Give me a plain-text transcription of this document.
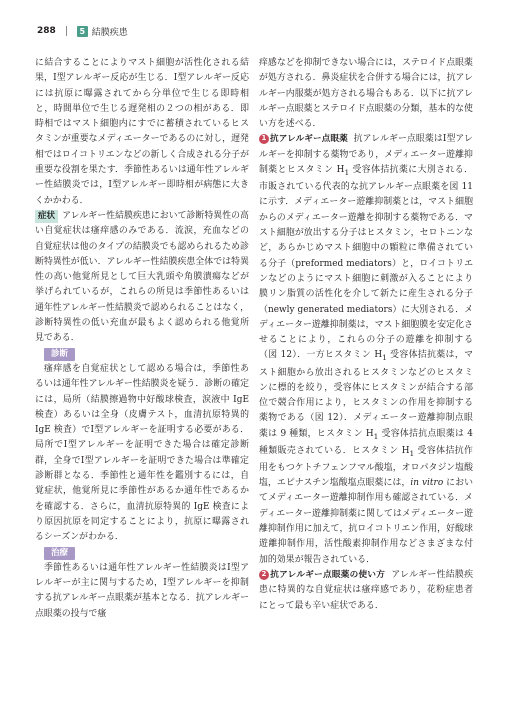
288	5 結膜疾患

に結合することによりマスト細胞が活性化される結果，Ⅰ型アレルギー反応が生じる．Ⅰ型アレルギー反応には抗原に曝露されてから分単位で生じる即時相と，時間単位で生じる遅発相の２つの相がある．即時相ではマスト細胞内にすでに蓄積されているヒスタミンが重要なメディエーターであるのに対し，遅発相ではロイコトリエンなどの新しく合成される分子が重要な役割を果たす．季節性あるいは通年性アレルギー性結膜炎では，Ⅰ型アレルギー即時相が病態に大きくかかわる．

症状 アレルギー性結膜疾患において診断特異性の高い自覚症状は瘙痒感のみである．流涙，充血などの自覚症状は他のタイプの結膜炎でも認められるため診断特異性が低い．アレルギー性結膜疾患全体では特異性の高い他覚所見として巨大乳頭や角膜潰瘍などが挙げられているが，これらの所見は季節性あるいは通年性アレルギー性結膜炎で認められることはなく，診断特異性の低い充血が最もよく認められる他覚所見である．

診断

瘙痒感を自覚症状として認める場合は，季節性あるいは通年性アレルギー性結膜炎を疑う．診断の確定には，局所（結膜擦過物中好酸球検査，涙液中 IgE 検査）あるいは全身（皮膚テスト，血清抗原特異的 IgE 検査）でⅠ型アレルギーを証明する必要がある．局所でⅠ型アレルギーを証明できた場合は確定診断群，全身でⅠ型アレルギーを証明できた場合は準確定診断群となる．季節性と通年性を鑑別するには，自覚症状，他覚所見に季節性があるか通年性であるかを確認する．さらに，血清抗原特異的 IgE 検査により原因抗原を同定することにより，抗原に曝露されるシーズンがわかる．

治療

季節性あるいは通年性アレルギー性結膜炎はⅠ型アレルギーが主に関与するため，Ⅰ型アレルギーを抑制する抗アレルギー点眼薬が基本となる．抗アレルギー点眼薬の投与で瘙

痒感などを抑制できない場合には，ステロイド点眼薬が処方される．鼻炎症状を合併する場合には，抗アレルギー内服薬が処方される場合もある．以下に抗アレルギー点眼薬とステロイド点眼薬の分類，基本的な使い方を述べる．

1 抗アレルギー点眼薬 抗アレルギー点眼薬はⅠ型アレルギーを抑制する薬物であり，メディエーター遊離抑制薬とヒスタミン $H_1$ 受容体拮抗薬に大別される．市販されている代表的な抗アレルギー点眼薬を図 11 に示す．メディエーター遊離抑制薬とは，マスト細胞からのメディエーター遊離を抑制する薬物である．マスト細胞が放出する分子はヒスタミン，セロトニンなど，あらかじめマスト細胞中の顆粒に準備されている分子（preformed mediators）と，ロイコトリエンなどのようにマスト細胞に刺激が入ることにより膜リン脂質の活性化を介して新たに産生される分子（newly generated mediators）に大別される．メディエーター遊離抑制薬は，マスト細胞膜を安定化させることにより，これらの分子の遊離を抑制する（図 12）．一方ヒスタミン $H_1$ 受容体拮抗薬は，マスト細胞から放出されるヒスタミンなどのヒスタミンに標的を絞り，受容体にヒスタミンが結合する部位で競合作用により，ヒスタミンの作用を抑制する薬物である（図 12）．メディエーター遊離抑制点眼薬は 9 種類，ヒスタミン $H_1$ 受容体拮抗点眼薬は 4 種類販売されている．ヒスタミン $H_1$ 受容体拮抗作用をもつケトチフェンフマル酸塩，オロパタジン塩酸塩，エピナスチン塩酸塩点眼薬には，in vitro においてメディエーター遊離抑制作用も確認されている．メディエーター遊離抑制薬に関してはメディエーター遊離抑制作用に加えて，抗ロイコトリエン作用，好酸球遊離抑制作用，活性酸素抑制作用などさまざまな付加的効果が報告されている．

2 抗アレルギー点眼薬の使い方 アレルギー性結膜疾患に特異的な自覚症状は瘙痒感であり，花粉症患者にとって最も辛い症状である．
